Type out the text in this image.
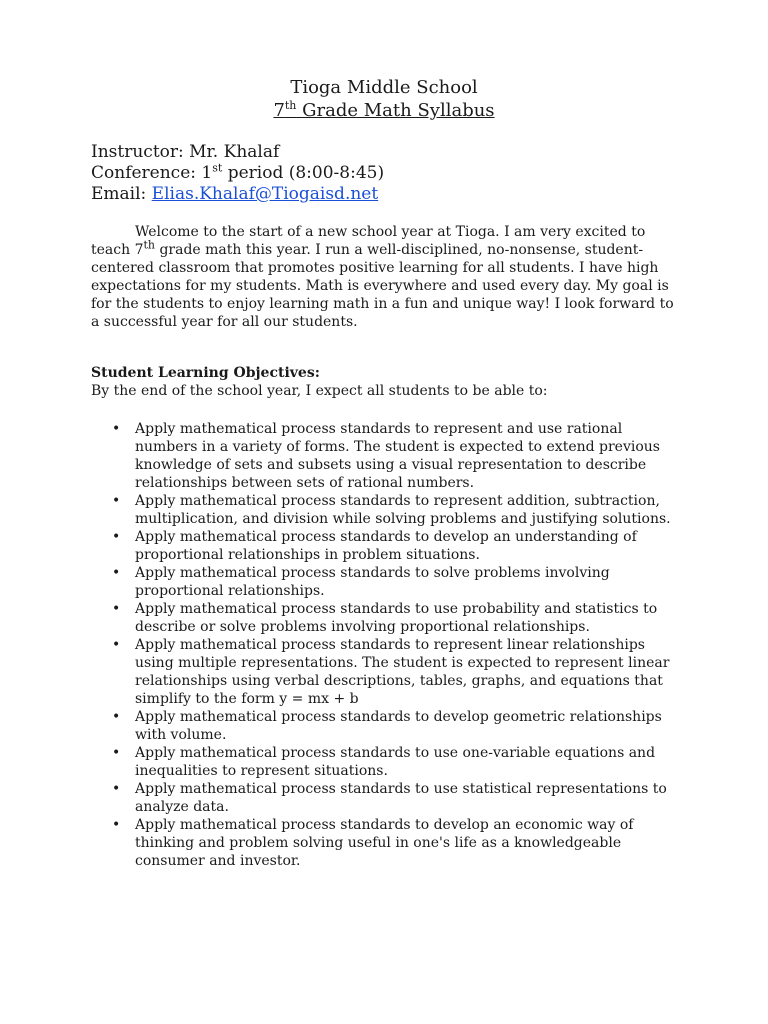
Tioga Middle School
7th Grade Math Syllabus
Instructor: Mr. Khalaf
Conference: 1st period (8:00-8:45)
Email: Elias.Khalaf@Tiogaisd.net
Welcome to the start of a new school year at Tioga. I am very excited to teach 7th grade math this year. I run a well-disciplined, no-nonsense, student-centered classroom that promotes positive learning for all students. I have high expectations for my students. Math is everywhere and used every day. My goal is for the students to enjoy learning math in a fun and unique way! I look forward to a successful year for all our students.
Student Learning Objectives:
By the end of the school year, I expect all students to be able to:
• Apply mathematical process standards to represent and use rational numbers in a variety of forms. The student is expected to extend previous knowledge of sets and subsets using a visual representation to describe relationships between sets of rational numbers.
• Apply mathematical process standards to represent addition, subtraction, multiplication, and division while solving problems and justifying solutions.
• Apply mathematical process standards to develop an understanding of proportional relationships in problem situations.
• Apply mathematical process standards to solve problems involving proportional relationships.
• Apply mathematical process standards to use probability and statistics to describe or solve problems involving proportional relationships.
• Apply mathematical process standards to represent linear relationships using multiple representations. The student is expected to represent linear relationships using verbal descriptions, tables, graphs, and equations that simplify to the form y = mx + b
• Apply mathematical process standards to develop geometric relationships with volume.
• Apply mathematical process standards to use one-variable equations and inequalities to represent situations.
• Apply mathematical process standards to use statistical representations to analyze data.
• Apply mathematical process standards to develop an economic way of thinking and problem solving useful in one's life as a knowledgeable consumer and investor.
